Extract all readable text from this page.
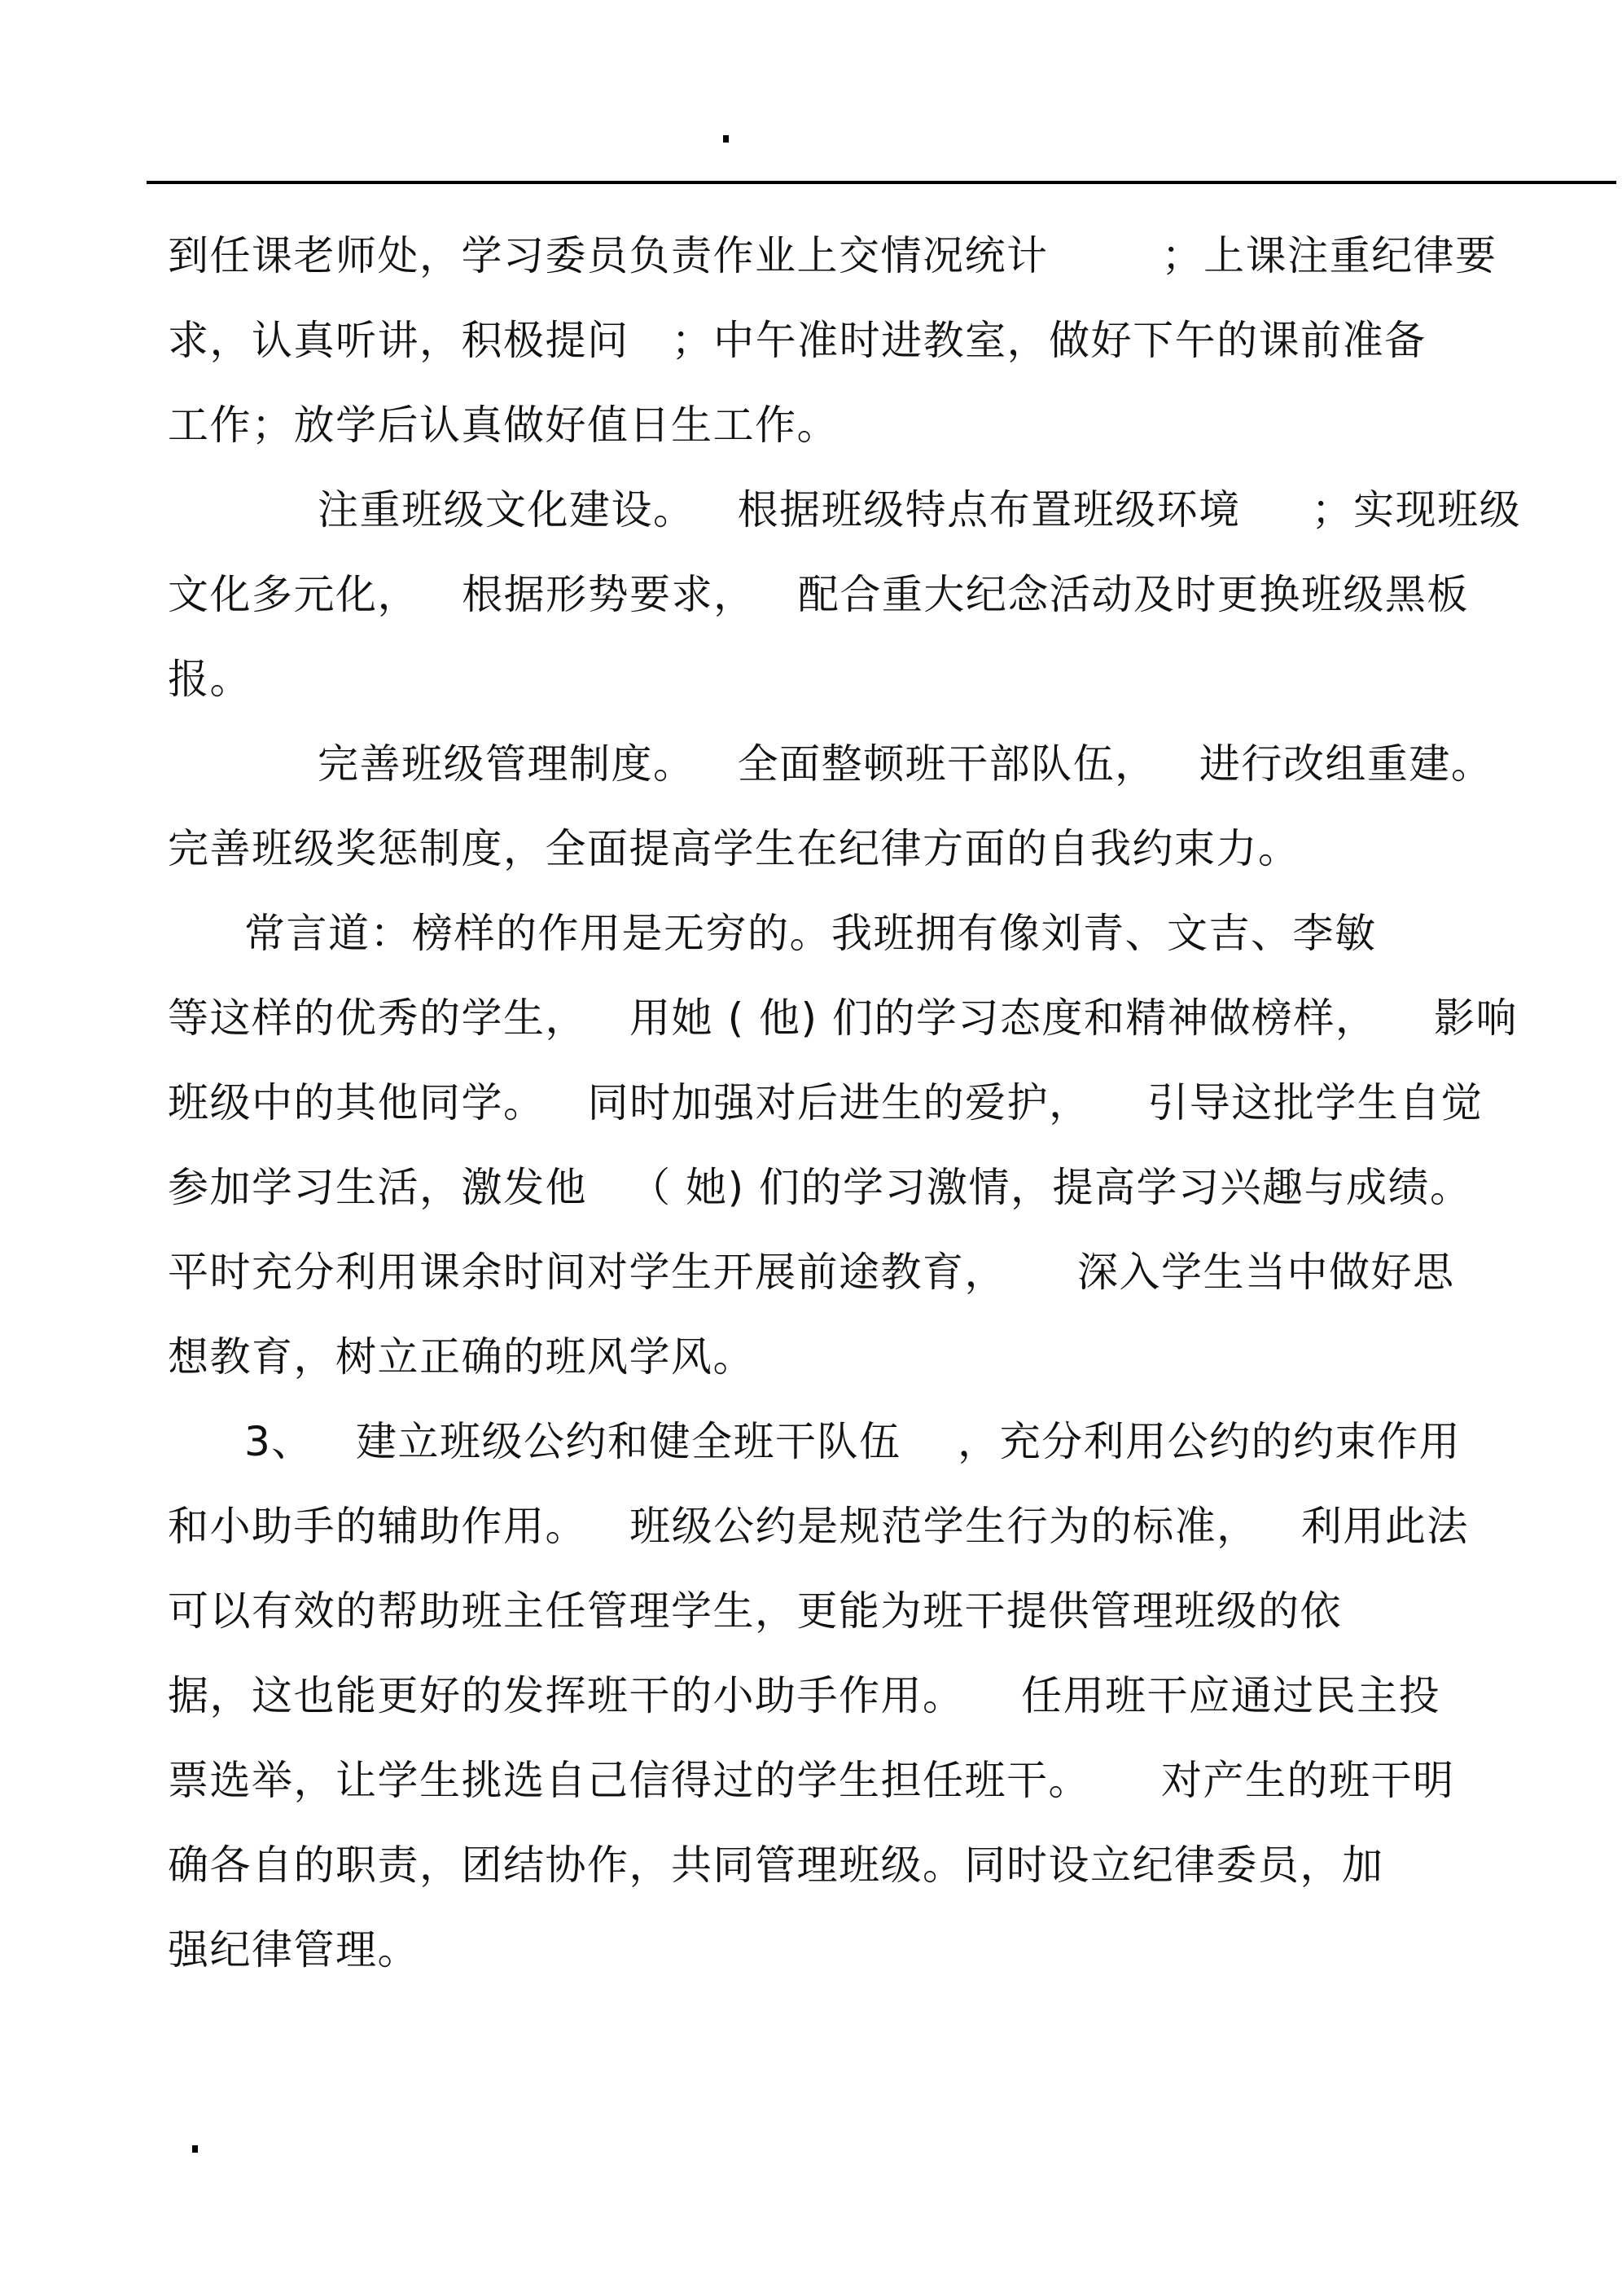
到任课老师处，学习委员负责作业上交情况统计        ；上课注重纪律要
求，认真听讲，积极提问   ；中午准时进教室，做好下午的课前准备
工作；放学后认真做好值日生工作。
注重班级文化建设。   根据班级特点布置班级环境     ；实现班级
文化多元化，   根据形势要求，   配合重大纪念活动及时更换班级黑板
报。
完善班级管理制度。   全面整顿班干部队伍，   进行改组重建。
完善班级奖惩制度，全面提高学生在纪律方面的自我约束力。
常言道：榜样的作用是无穷的。我班拥有像刘青、文吉、李敏
等这样的优秀的学生，   用她 ( 他) 们的学习态度和精神做榜样，    影响
班级中的其他同学。   同时加强对后进生的爱护，    引导这批学生自觉
参加学习生活，激发他   （ 她) 们的学习激情，提高学习兴趣与成绩。
平时充分利用课余时间对学生开展前途教育，     深入学生当中做好思
想教育，树立正确的班风学风。
3、   建立班级公约和健全班干队伍    ，充分利用公约的约束作用
和小助手的辅助作用。   班级公约是规范学生行为的标准，   利用此法
可以有效的帮助班主任管理学生，更能为班干提供管理班级的依
据，这也能更好的发挥班干的小助手作用。    任用班干应通过民主投
票选举，让学生挑选自己信得过的学生担任班干。     对产生的班干明
确各自的职责，团结协作，共同管理班级。同时设立纪律委员，加
强纪律管理。
